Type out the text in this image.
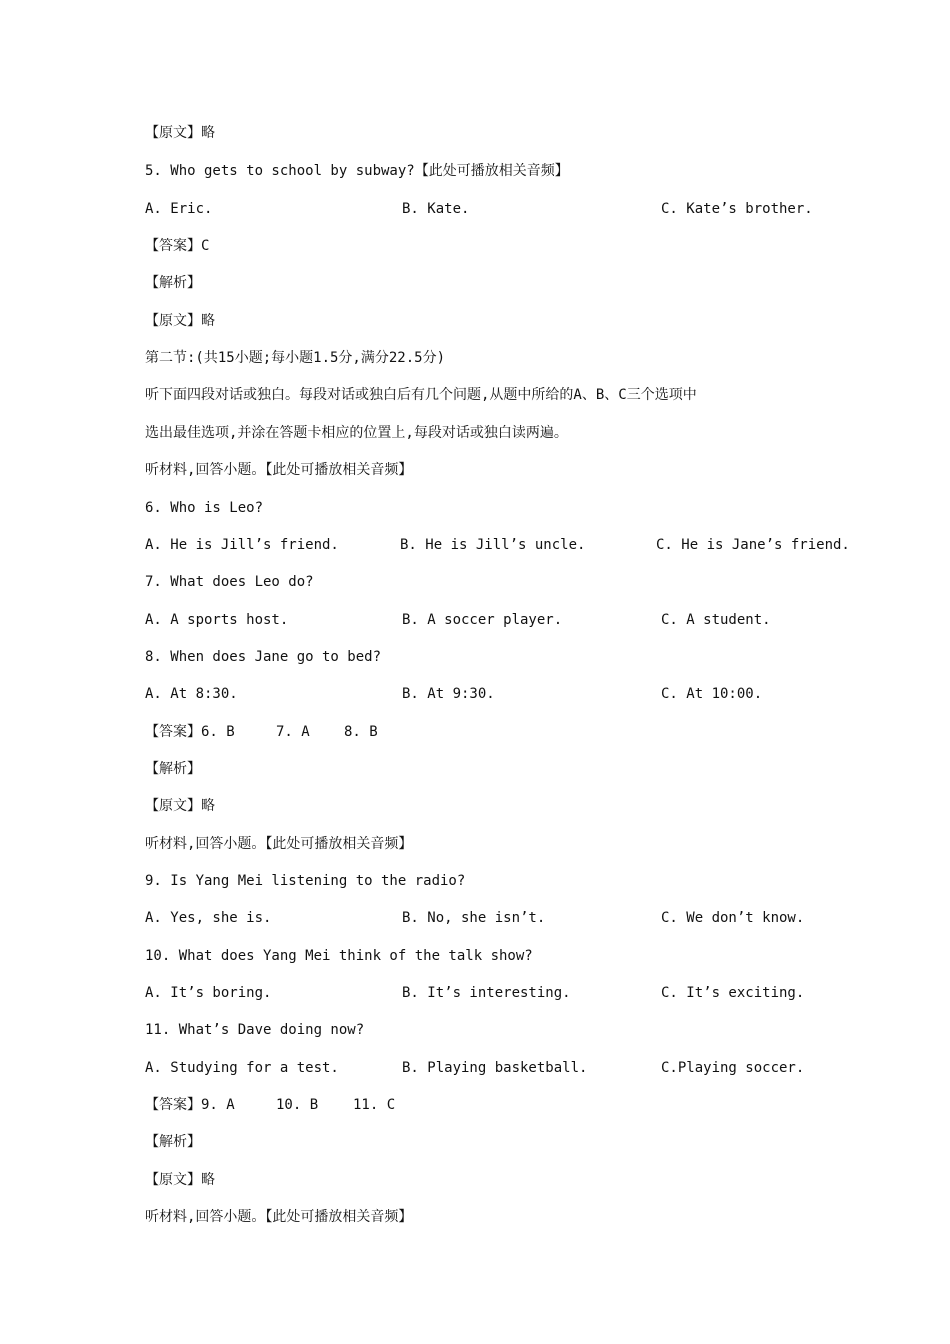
【原文】略
5. Who gets to school by subway?【此处可播放相关音频】
A. Eric.	B. Kate.	C. Kate’s brother.
【答案】C
【解析】
【原文】略
第二节:(共15小题;每小题1.5分,满分22.5分)
听下面四段对话或独白。每段对话或独白后有几个问题,从题中所给的A、B、C三个选项中
选出最佳选项,并涂在答题卡相应的位置上,每段对话或独白读两遍。
听材料,回答小题。【此处可播放相关音频】
6. Who is Leo?
A. He is Jill’s friend.	B. He is Jill’s uncle.	C. He is Jane’s friend.
7. What does Leo do?
A. A sports host.	B. A soccer player.	C. A student.
8. When does Jane go to bed?
A. At 8:30.	B. At 9:30.	C. At 10:00.
【答案】6. B	7. A 8. B
【解析】
【原文】略
听材料,回答小题。【此处可播放相关音频】
9. Is Yang Mei listening to the radio?
A. Yes, she is.	B. No, she isn’t.	C. We don’t know.
10. What does Yang Mei think of the talk show?
A. It’s boring.	B. It’s interesting.	C. It’s exciting.
11. What’s Dave doing now?
A. Studying for a test.	B. Playing basketball.	C.Playing soccer.
【答案】9. A	10. B 11. C
【解析】
【原文】略
听材料,回答小题。【此处可播放相关音频】
